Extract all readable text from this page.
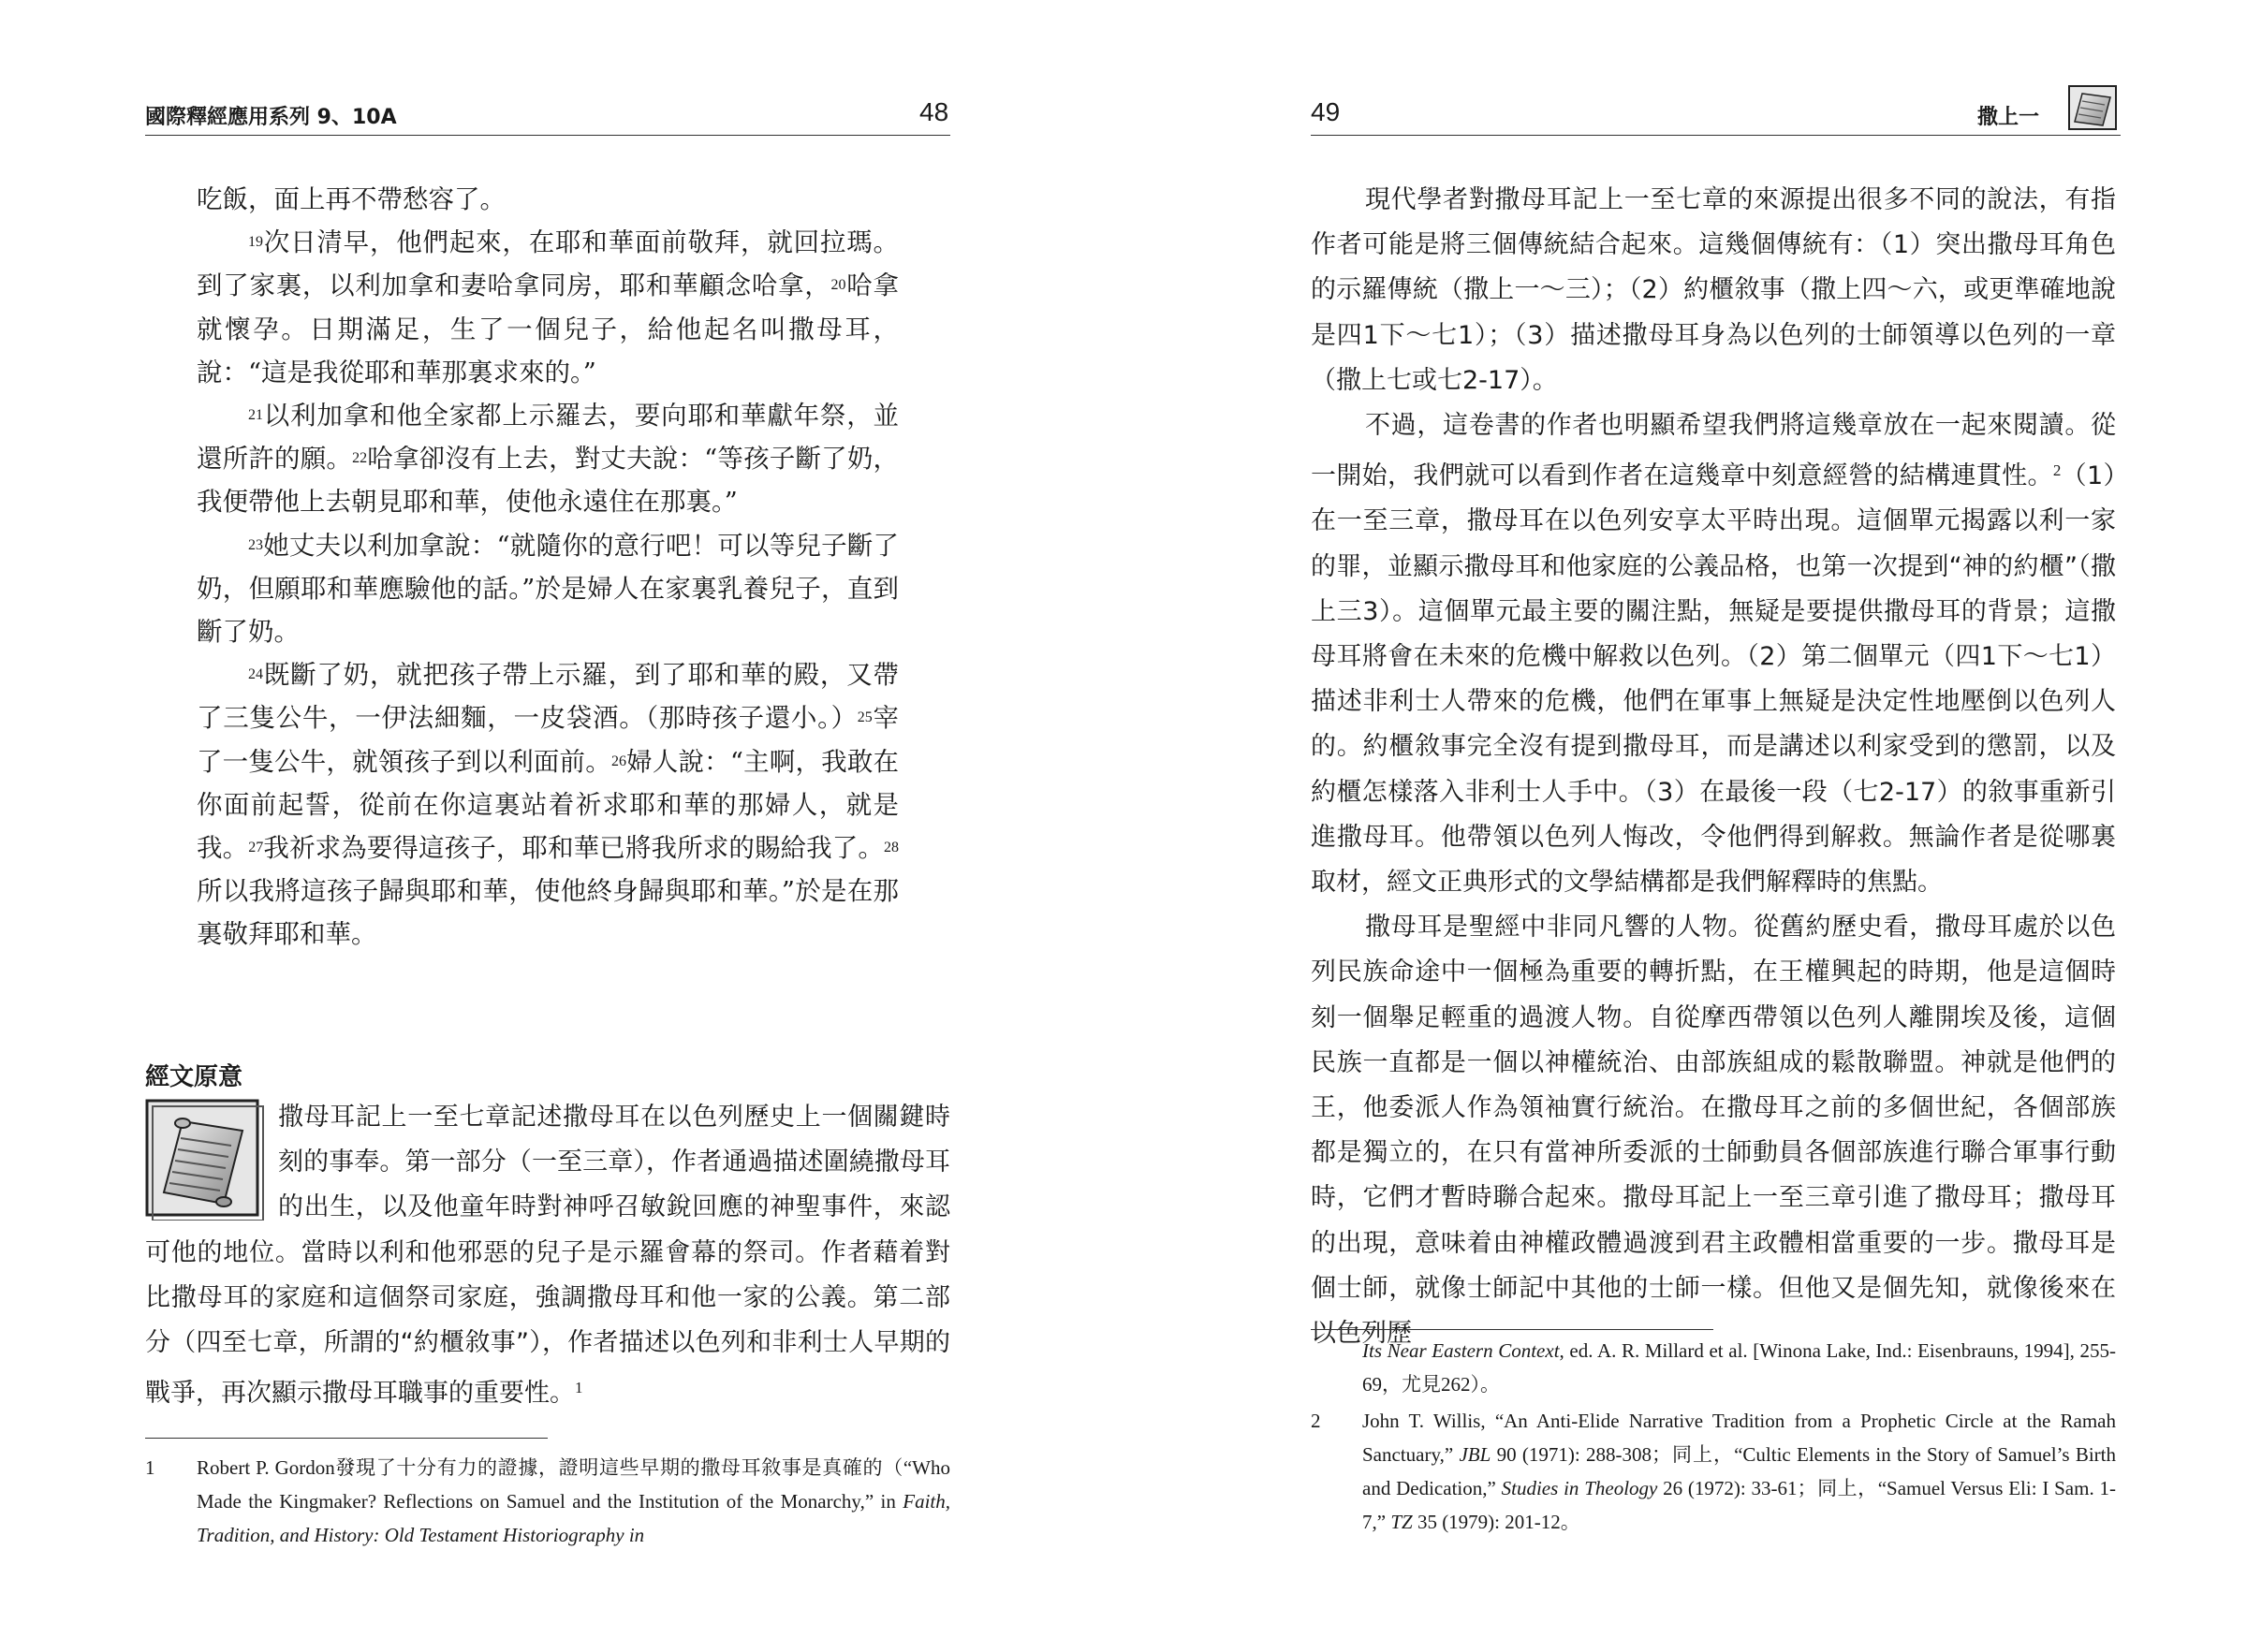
國際釋經應用系列 9、10A	48

吃飯，面上再不帶愁容了。

19次日清早，他們起來，在耶和華面前敬拜，就回拉瑪。到了家裏，以利加拿和妻哈拿同房，耶和華顧念哈拿，20哈拿就懷孕。日期滿足，生了一個兒子，給他起名叫撒母耳，說：“這是我從耶和華那裏求來的。”

21以利加拿和他全家都上示羅去，要向耶和華獻年祭，並還所許的願。22哈拿卻沒有上去，對丈夫說：“等孩子斷了奶，我便帶他上去朝見耶和華，使他永遠住在那裏。”

23她丈夫以利加拿說：“就隨你的意行吧！可以等兒子斷了奶，但願耶和華應驗他的話。”於是婦人在家裏乳養兒子，直到斷了奶。

24既斷了奶，就把孩子帶上示羅，到了耶和華的殿，又帶了三隻公牛，一伊法細麵，一皮袋酒。（那時孩子還小。）25宰了一隻公牛，就領孩子到以利面前。26婦人說：“主啊，我敢在你面前起誓，從前在你這裏站着祈求耶和華的那婦人，就是我。27我祈求為要得這孩子，耶和華已將我所求的賜給我了。28所以我將這孩子歸與耶和華，使他終身歸與耶和華。”於是在那裏敬拜耶和華。

經文原意

撒母耳記上一至七章記述撒母耳在以色列歷史上一個關鍵時刻的事奉。第一部分（一至三章），作者通過描述圍繞撒母耳的出生，以及他童年時對神呼召敏銳回應的神聖事件，來認可他的地位。當時以利和他邪惡的兒子是示羅會幕的祭司。作者藉着對比撒母耳的家庭和這個祭司家庭，強調撒母耳和他一家的公義。第二部分（四至七章，所謂的“約櫃敘事”），作者描述以色列和非利士人早期的戰爭，再次顯示撒母耳職事的重要性。$^1$

1 Robert P. Gordon發現了十分有力的證據，證明這些早期的撒母耳敘事是真確的（“Who Made the Kingmaker? Reflections on Samuel and the Institution of the Monarchy,” in Faith, Tradition, and History: Old Testament Historiography in
49	撒上一

現代學者對撒母耳記上一至七章的來源提出很多不同的說法，有指作者可能是將三個傳統結合起來。這幾個傳統有：（1）突出撒母耳角色的示羅傳統（撒上一～三）；（2）約櫃敘事（撒上四～六，或更準確地說是四1下～七1）；（3）描述撒母耳身為以色列的士師領導以色列的一章（撒上七或七2-17）。

不過，這卷書的作者也明顯希望我們將這幾章放在一起來閱讀。從一開始，我們就可以看到作者在這幾章中刻意經營的結構連貫性。$^2$（1）在一至三章，撒母耳在以色列安享太平時出現。這個單元揭露以利一家的罪，並顯示撒母耳和他家庭的公義品格，也第一次提到“神的約櫃”（撒上三3）。這個單元最主要的關注點，無疑是要提供撒母耳的背景；這撒母耳將會在未來的危機中解救以色列。（2）第二個單元（四1下～七1）描述非利士人帶來的危機，他們在軍事上無疑是決定性地壓倒以色列人的。約櫃敘事完全沒有提到撒母耳，而是講述以利家受到的懲罰，以及約櫃怎樣落入非利士人手中。（3）在最後一段（七2-17）的敘事重新引進撒母耳。他帶領以色列人悔改，令他們得到解救。無論作者是從哪裏取材，經文正典形式的文學結構都是我們解釋時的焦點。

撒母耳是聖經中非同凡響的人物。從舊約歷史看，撒母耳處於以色列民族命途中一個極為重要的轉折點，在王權興起的時期，他是這個時刻一個舉足輕重的過渡人物。自從摩西帶領以色列人離開埃及後，這個民族一直都是一個以神權統治、由部族組成的鬆散聯盟。神就是他們的王，他委派人作為領袖實行統治。在撒母耳之前的多個世紀，各個部族都是獨立的，在只有當神所委派的士師動員各個部族進行聯合軍事行動時，它們才暫時聯合起來。撒母耳記上一至三章引進了撒母耳；撒母耳的出現，意味着由神權政體過渡到君主政體相當重要的一步。撒母耳是個士師，就像士師記中其他的士師一樣。但他又是個先知，就像後來在以色列歷

Its Near Eastern Context, ed. A. R. Millard et al. [Winona Lake, Ind.: Eisenbrauns, 1994], 255-69，尤見262）。
2 John T. Willis, “An Anti-Elide Narrative Tradition from a Prophetic Circle at the Ramah Sanctuary,” JBL 90 (1971): 288-308；同上，“Cultic Elements in the Story of Samuel’s Birth and Dedication,” Studies in Theology 26 (1972): 33-61；同上，“Samuel Versus Eli: I Sam. 1-7,” TZ 35 (1979): 201-12。
